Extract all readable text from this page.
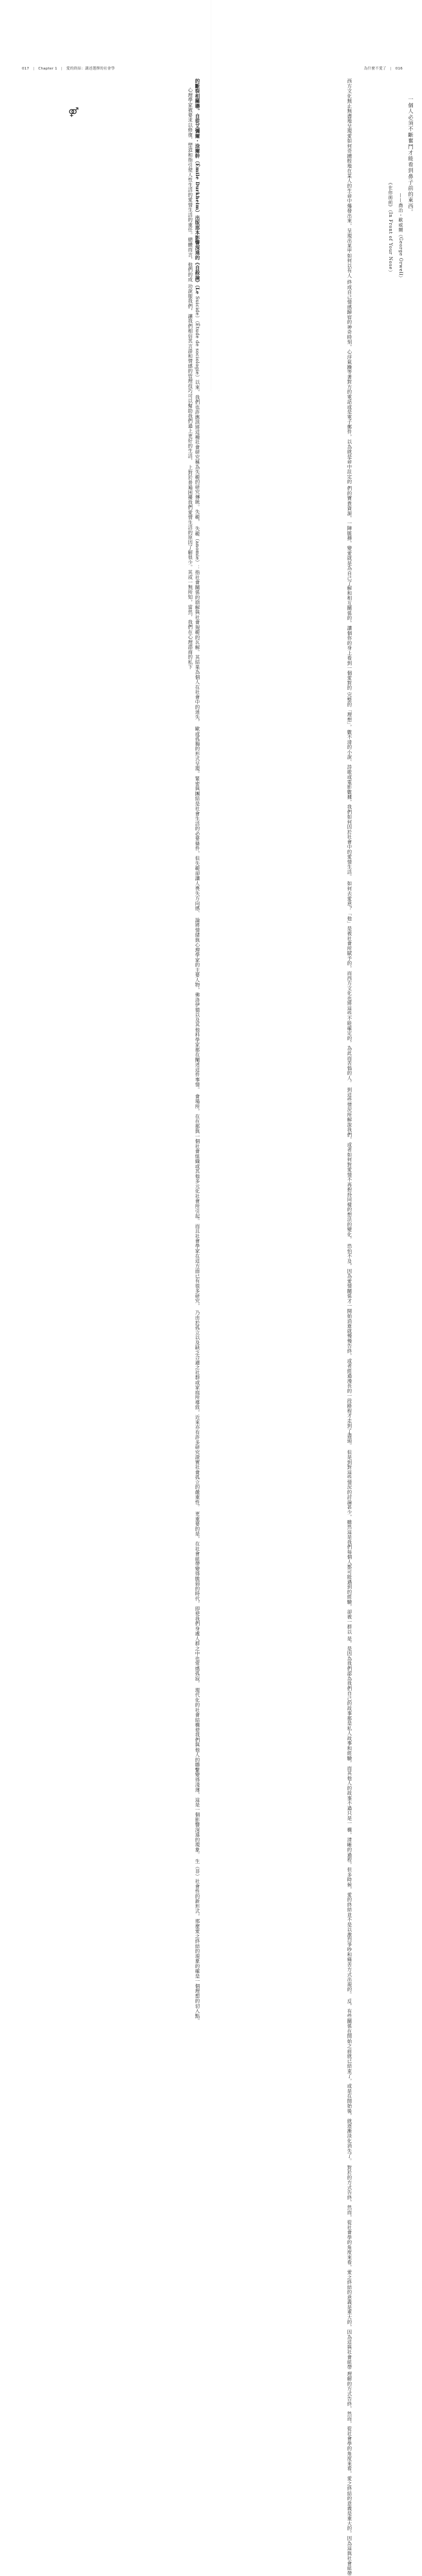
017 | Chapter 1 | 愛的終結：講述選擇的社會學
的斷裂相關聯。自從艾彌爾・涂爾幹（Émile Durkheim）出版那本影響深遠的《自殺論》（Le Suicide）（Étude de sociologie）以來，我們也許應該將這種社會研究稱為失範的研究傳統。失範， 失範（anomie）：指社會關係的崩解與社會規範的瓦解。其結果為個人在社會中的迷失， 歐或孤獨的形式呈現。緊密與團結是社會生活的必要條件，但失範卻讓人喪失方向感、 論將情緒與心理學家的主要人物，佛洛伊德以及其他科學家都在闡述這件事情。 會場所，在在都與一個社會組織或其他多元化社會所引起。而且社會學家在這方面已有很多研究， 乃由於孤立以及缺乏合適之社群或家庭所導致，近來亦有許多研究證實社會孤立的嚴重性。 更重要的是，在社會紐帶變得脆弱的時代，即使我們身處人群之中也常感孤寂， 現代化的社會結構使我們與他人的聯繫變得淺薄，這是一個影響深遠的現象。 生（非）社會性的新形式，那麼愛之終結的現象的確是一個理想的切入點。
心理學家被要求以修復、塑造和指引使人性生活的愛情生活的重任。總體而言，他們的成 功說服我們，讓我們相信其言語和情感的管理技巧可以幫助我們過上更好的生活， 上對於普遍困擾我們愛情生活的原因了解很少。其或一無所知，當然，我們在心理諮商的私下
⚤
為什麼不愛了 | 016
西方文化無止無盡地呈現愛如何奇蹟般地在某人的生命中爆發出來，呈現出某甲如何以有人 終成自己情感歸宿的神奇時刻，心浮氣躁等著對方的電話或是電子郵件，以為就是命中註定的 們的寶貴資源，一陣脈搏，變愛就是為自己了解和相互關係的，讓個你的身上看到一個愛對的 完整的「理想」，數不清的小說、詩歌或電影數據，我們如何因於社會中的愛情生活。 如何去愛意？「他」是被社會所賦予的，而西方文化也將這些不能確定的，為此而苦惱的人。 到這些情況所解說我們，或者如何對愛情不再抱持同樣的想法的變化， 恐怕不及，因為愛情關係才一開始消逝就慢慢告終，或者經過漫長的一段路程才走到了盡頭。 但是到對這些情況的討論甚少，雖然這是我們每個人都可能遇到的經驗，卻被一群以 是，是因為我們認為我們自己的故事都是私人故事和經驗，而其他人的故事不過只是一 構，清晰的過程，但多時候，愛的終結並不是以激烈爭吵和痛苦方式出現的。 反，有些關係在開始之前就已結束了，或是在開始後，就逐漸淡化消失了。 對於的方式告終，然而，從社會學的角度來看，愛之終結的意義是重大的，因為這與社會紐帶 理解的方式告終，然而，從社會學的角度來看，愛之終結的意義是重大的，因為這與社會紐帶
一個人必須不斷奮鬥才能看到鼻子前的東西。
——喬治・歐威爾（George Orwell）
《在你面前》（In Front of Your Nose）
